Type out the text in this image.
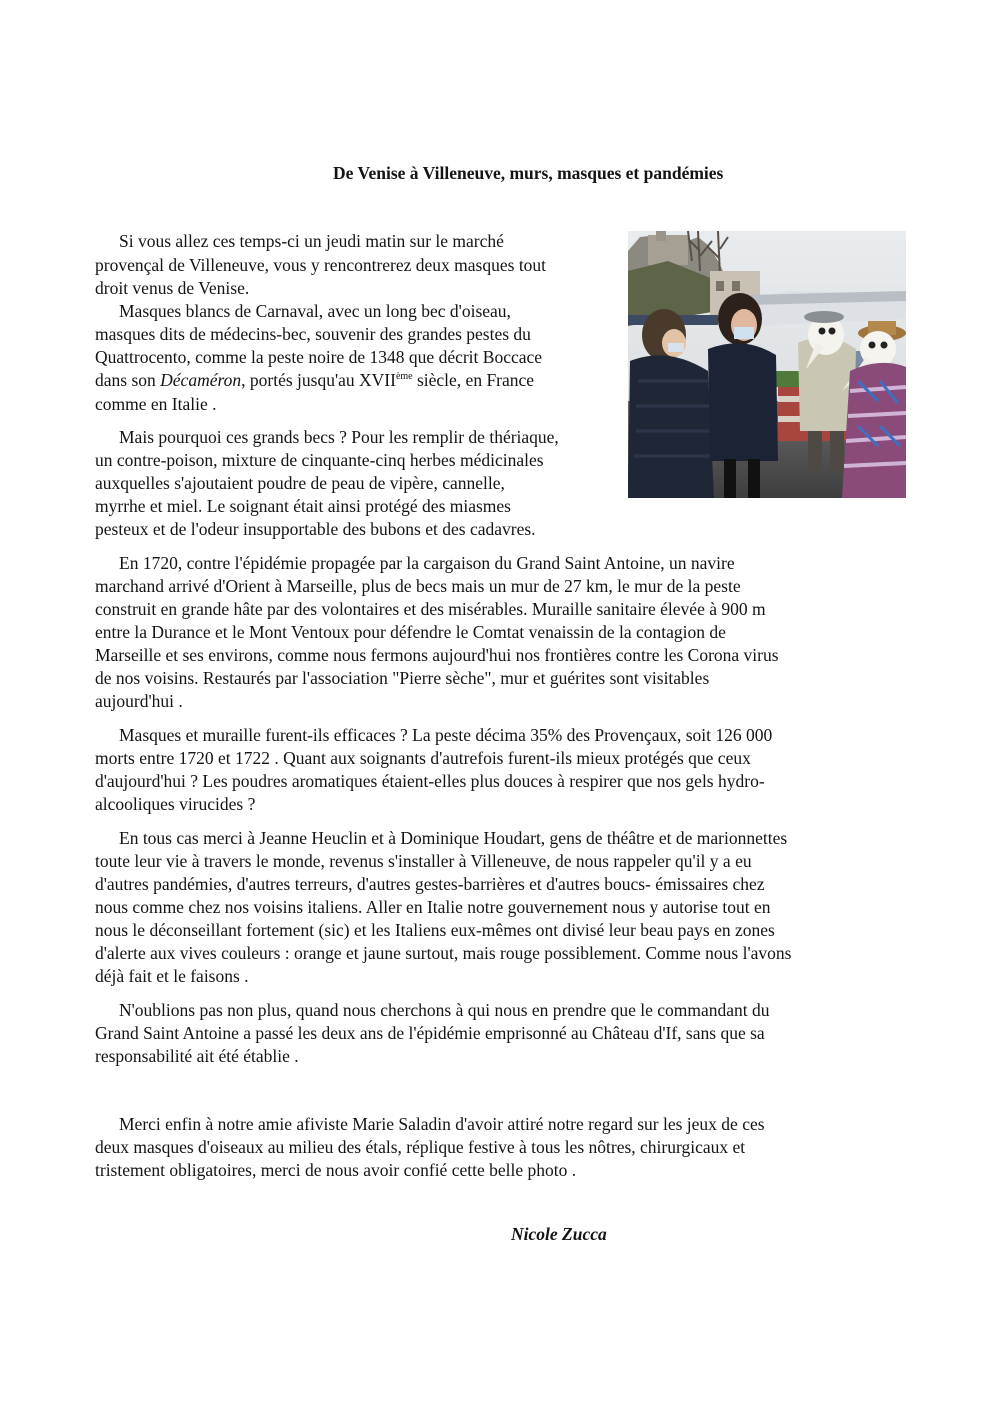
De Venise à Villeneuve, murs, masques et pandémies
Si vous allez ces temps-ci un jeudi matin sur le marché
provençal de Villeneuve, vous y rencontrerez deux masques tout
droit venus de Venise.
Masques blancs de Carnaval, avec un long bec d'oiseau,
masques dits de médecins-bec, souvenir des grandes pestes du
Quattrocento, comme la peste noire de 1348 que décrit Boccace
dans son Décaméron, portés jusqu'au XVIIème siècle, en France
comme en Italie .
Mais pourquoi ces grands becs ? Pour les remplir de thériaque,
un contre-poison, mixture de cinquante-cinq herbes médicinales
auxquelles s'ajoutaient poudre de peau de vipère, cannelle,
myrrhe et miel. Le soignant était ainsi protégé des miasmes
pesteux et de l'odeur insupportable des bubons et des cadavres.
En 1720, contre l'épidémie propagée par la cargaison du Grand Saint Antoine, un navire
marchand arrivé d'Orient à Marseille, plus de becs mais un mur de 27 km, le mur de la peste
construit en grande hâte par des volontaires et des misérables. Muraille sanitaire élevée à 900 m
entre la Durance et le Mont Ventoux pour défendre le Comtat venaissin de la contagion de
Marseille et ses environs, comme nous fermons aujourd'hui nos frontières contre les Corona virus
de nos voisins. Restaurés par l'association "Pierre sèche", mur et guérites sont visitables
aujourd'hui .
Masques et muraille furent-ils efficaces ? La peste décima 35% des Provençaux, soit 126 000
morts entre 1720 et 1722 . Quant aux soignants d'autrefois furent-ils mieux protégés que ceux
d'aujourd'hui ? Les poudres aromatiques étaient-elles plus douces à respirer que nos gels hydro-
alcooliques virucides ?
En tous cas merci à Jeanne Heuclin et à Dominique Houdart, gens de théâtre et de marionnettes
toute leur vie à travers le monde, revenus s'installer à Villeneuve, de nous rappeler qu'il y a eu
d'autres pandémies, d'autres terreurs, d'autres gestes-barrières et d'autres boucs- émissaires chez
nous comme chez nos voisins italiens. Aller en Italie notre gouvernement nous y autorise tout en
nous le déconseillant fortement (sic) et les Italiens eux-mêmes ont divisé leur beau pays en zones
d'alerte aux vives couleurs : orange et jaune surtout, mais rouge possiblement. Comme nous l'avons
déjà fait et le faisons .
N'oublions pas non plus, quand nous cherchons à qui nous en prendre que le commandant du
Grand Saint Antoine a passé les deux ans de l'épidémie emprisonné au Château d'If, sans que sa
responsabilité ait été établie .
Merci enfin à notre amie afiviste Marie Saladin d'avoir attiré notre regard sur les jeux de ces
deux masques d'oiseaux au milieu des étals, réplique festive à tous les nôtres, chirurgicaux et
tristement obligatoires, merci de nous avoir confié cette belle photo .
Nicole Zucca
